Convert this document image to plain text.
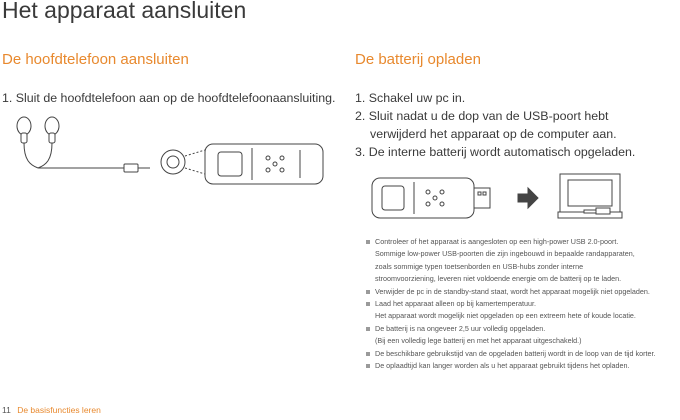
Het apparaat aansluiten
De hoofdtelefoon aansluiten
1. Sluit de hoofdtelefoon aan op de hoofdtelefoonaansluiting.
De batterij opladen
1. Schakel uw pc in.
2. Sluit nadat u de dop van de USB-poort hebt
verwijderd het apparaat op de computer aan.
3. De interne batterij wordt automatisch opgeladen.
Controleer of het apparaat is aangesloten op een high-power USB 2.0-poort.
Sommige low-power USB-poorten die zijn ingebouwd in bepaalde randapparaten,
zoals sommige typen toetsenborden en USB-hubs zonder interne
stroomvoorziening, leveren niet voldoende energie om de batterij op te laden.
Verwijder de pc in de standby-stand staat, wordt het apparaat mogelijk niet opgeladen.
Laad het apparaat alleen op bij kamertemperatuur.
Het apparaat wordt mogelijk niet opgeladen op een extreem hete of koude locatie.
De batterij is na ongeveer 2,5 uur volledig opgeladen.
(Bij een volledig lege batterij en met het apparaat uitgeschakeld.)
De beschikbare gebruikstijd van de opgeladen batterij wordt in de loop van de tijd korter.
De oplaadtijd kan langer worden als u het apparaat gebruikt tijdens het opladen.
11 De basisfuncties leren
